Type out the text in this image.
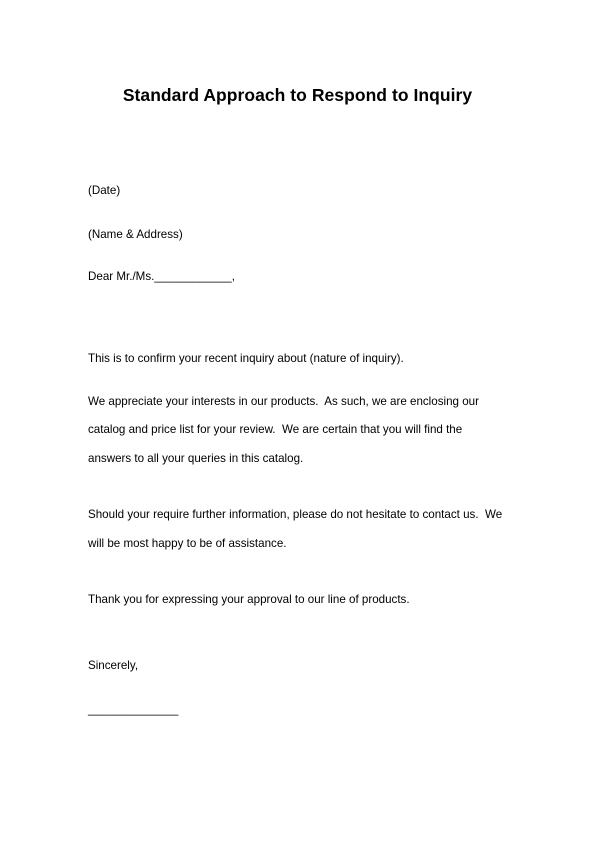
Standard Approach to Respond to Inquiry
(Date)
(Name & Address)
Dear Mr./Ms.____________,
This is to confirm your recent inquiry about (nature of inquiry).
We appreciate your interests in our products.  As such, we are enclosing our
catalog and price list for your review.  We are certain that you will find the
answers to all your queries in this catalog.
Should your require further information, please do not hesitate to contact us.  We
will be most happy to be of assistance.
Thank you for expressing your approval to our line of products.
Sincerely,
______________
